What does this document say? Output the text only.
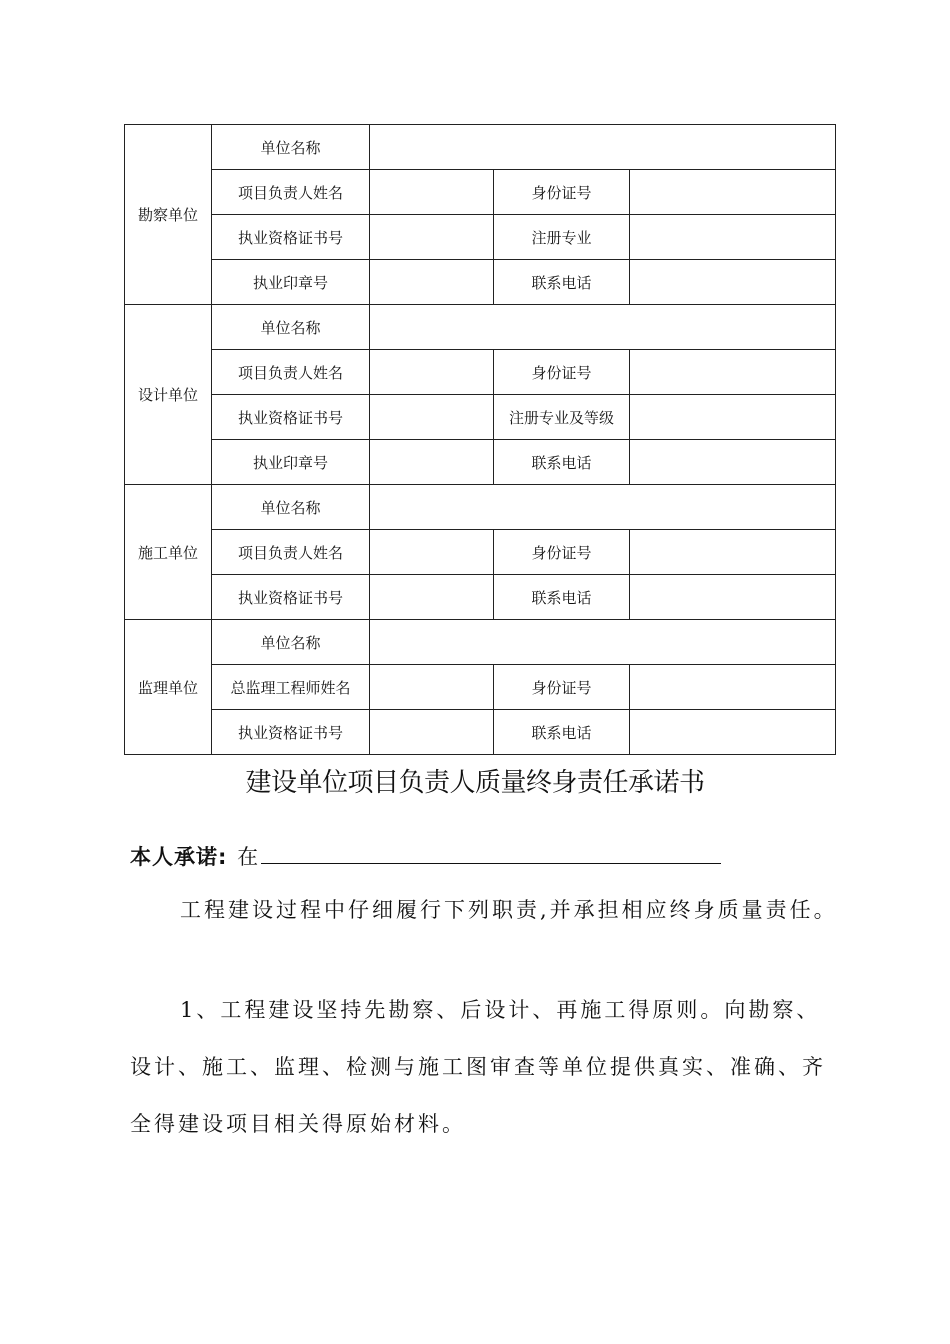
勘察单位	单位名称			
	项目负责人姓名		身份证号	
	执业资格证书号		注册专业	
	执业印章号		联系电话	
设计单位	单位名称			
	项目负责人姓名		身份证号	
	执业资格证书号		注册专业及等级	
	执业印章号		联系电话	
施工单位	单位名称			
	项目负责人姓名		身份证号	
	执业资格证书号		联系电话	
监理单位	单位名称			
	总监理工程师姓名		身份证号	
	执业资格证书号		联系电话	
建设单位项目负责人质量终身责任承诺书

本人承诺: 在

工程建设过程中仔细履行下列职责,并承担相应终身质量责任。

1、工程建设坚持先勘察、后设计、再施工得原则。向勘察、设计、施工、监理、检测与施工图审查等单位提供真实、准确、齐全得建设项目相关得原始材料。
